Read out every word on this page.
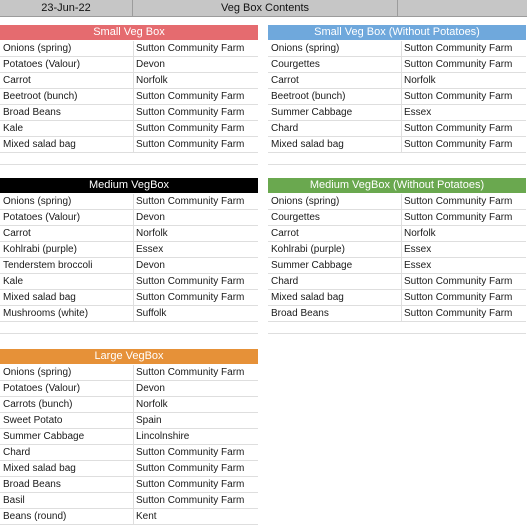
23-Jun-22	Veg Box Contents
Small Veg Box
Onions (spring)	Sutton Community Farm
Potatoes (Valour)	Devon
Carrot	Norfolk
Beetroot (bunch)	Sutton Community Farm
Broad Beans	Sutton Community Farm
Kale	Sutton Community Farm
Mixed salad bag	Sutton Community Farm
Small Veg Box (Without Potatoes)
Onions (spring)	Sutton Community Farm
Courgettes	Sutton Community Farm
Carrot	Norfolk
Beetroot (bunch)	Sutton Community Farm
Summer Cabbage	Essex
Chard	Sutton Community Farm
Mixed salad bag	Sutton Community Farm
Medium VegBox
Onions (spring)	Sutton Community Farm
Potatoes (Valour)	Devon
Carrot	Norfolk
Kohlrabi (purple)	Essex
Tenderstem broccoli	Devon
Kale	Sutton Community Farm
Mixed salad bag	Sutton Community Farm
Mushrooms (white)	Suffolk
Medium VegBox (Without Potatoes)
Onions (spring)	Sutton Community Farm
Courgettes	Sutton Community Farm
Carrot	Norfolk
Kohlrabi (purple)	Essex
Summer Cabbage	Essex
Chard	Sutton Community Farm
Mixed salad bag	Sutton Community Farm
Broad Beans	Sutton Community Farm
Large VegBox
Onions (spring)	Sutton Community Farm
Potatoes (Valour)	Devon
Carrots (bunch)	Norfolk
Sweet Potato	Spain
Summer Cabbage	Lincolnshire
Chard	Sutton Community Farm
Mixed salad bag	Sutton Community Farm
Broad Beans	Sutton Community Farm
Basil	Sutton Community Farm
Beans (round)	Kent
